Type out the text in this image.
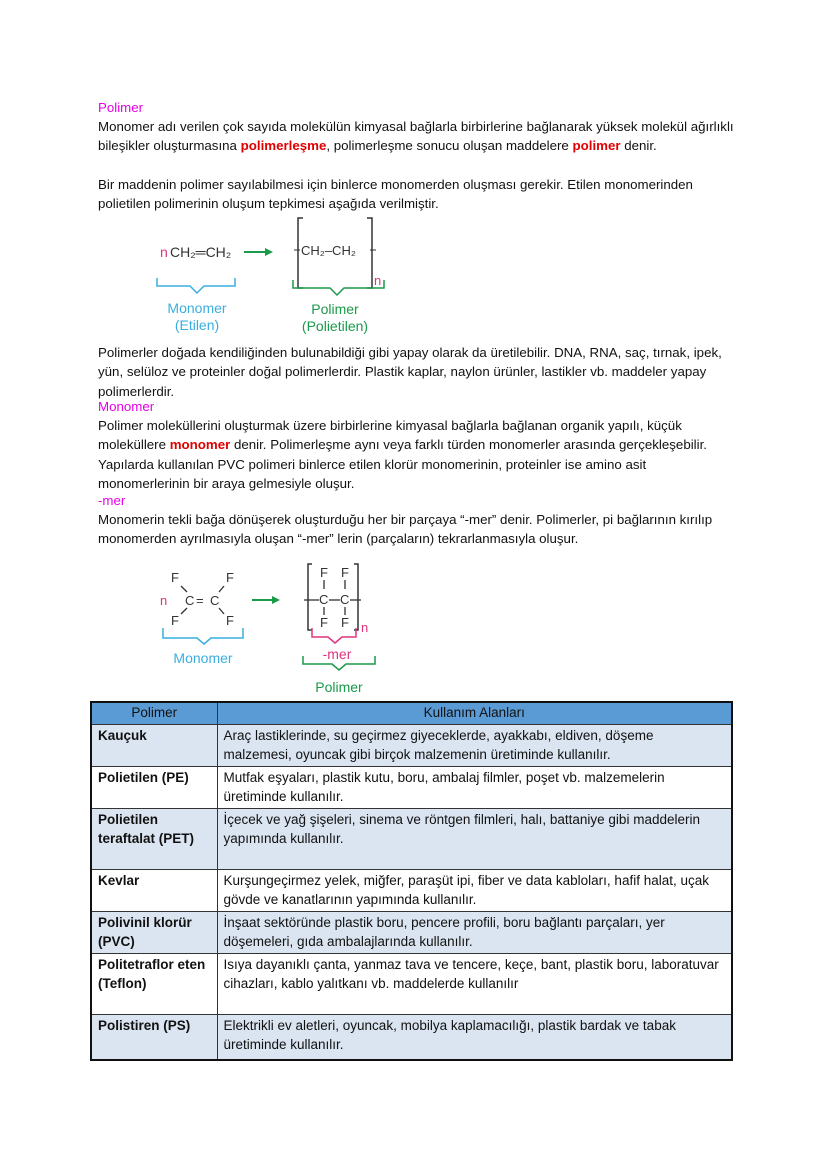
Polimer
Monomer adı verilen çok sayıda molekülün kimyasal bağlarla birbirlerine bağlanarak yüksek molekül ağırlıklı bileşikler oluşturmasına polimerleşme, polimerleşme sonucu oluşan maddelere polimer denir.
Bir maddenin polimer sayılabilmesi için binlerce monomerden oluşması gerekir. Etilen monomerinden polietilen polimerinin oluşum tepkimesi aşağıda verilmiştir.
n CH₂═CH₂	CH₂–CH₂
n
Monomer
(Etilen)
Polimer
(Polietilen)
Polimerler doğada kendiliğinden bulunabildiği gibi yapay olarak da üretilebilir. DNA, RNA, saç, tırnak, ipek, yün, selüloz ve proteinler doğal polimerlerdir. Plastik kaplar, naylon ürünler, lastikler vb. maddeler yapay polimerlerdir.
Monomer
Polimer moleküllerini oluşturmak üzere birbirlerine kimyasal bağlarla bağlanan organik yapılı, küçük moleküllere monomer denir. Polimerleşme aynı veya farklı türden monomerler arasında gerçekleşebilir. Yapılarda kullanılan PVC polimeri binlerce etilen klorür monomerinin, proteinler ise amino asit monomerlerinin bir araya gelmesiyle oluşur.
-mer
Monomerin tekli bağa dönüşerek oluşturduğu her bir parçaya “-mer” denir. Polimerler, pi bağlarının kırılıp monomerden ayrılmasıyla oluşan “-mer” lerin (parçaların) tekrarlanmasıyla oluşur.
n
F	F
F	F
C C
=
F F
F F
C C
n
Monomer	-mer
Polimer
Polimer	Kullanım Alanları
Kauçuk	Araç lastiklerinde, su geçirmez giyeceklerde, ayakkabı, eldiven, döşeme malzemesi, oyuncak gibi birçok malzemenin üretiminde kullanılır.
Polietilen (PE)	Mutfak eşyaları, plastik kutu, boru, ambalaj filmler, poşet vb. malzemelerin üretiminde kullanılır.
Polietilen teraftalat (PET)	İçecek ve yağ şişeleri, sinema ve röntgen filmleri, halı, battaniye gibi maddelerin yapımında kullanılır.
Kevlar	Kurşungeçirmez yelek, miğfer, paraşüt ipi, fiber ve data kabloları, hafif halat, uçak gövde ve kanatlarının yapımında kullanılır.
Polivinil klorür (PVC)	İnşaat sektöründe plastik boru, pencere profili, boru bağlantı parçaları, yer döşemeleri, gıda ambalajlarında kullanılır.
Politetraflor eten (Teflon)	Isıya dayanıklı çanta, yanmaz tava ve tencere, keçe, bant, plastik boru, laboratuvar cihazları, kablo yalıtkanı vb. maddelerde kullanılır
Polistiren (PS)	Elektrikli ev aletleri, oyuncak, mobilya kaplamacılığı, plastik bardak ve tabak üretiminde kullanılır.
